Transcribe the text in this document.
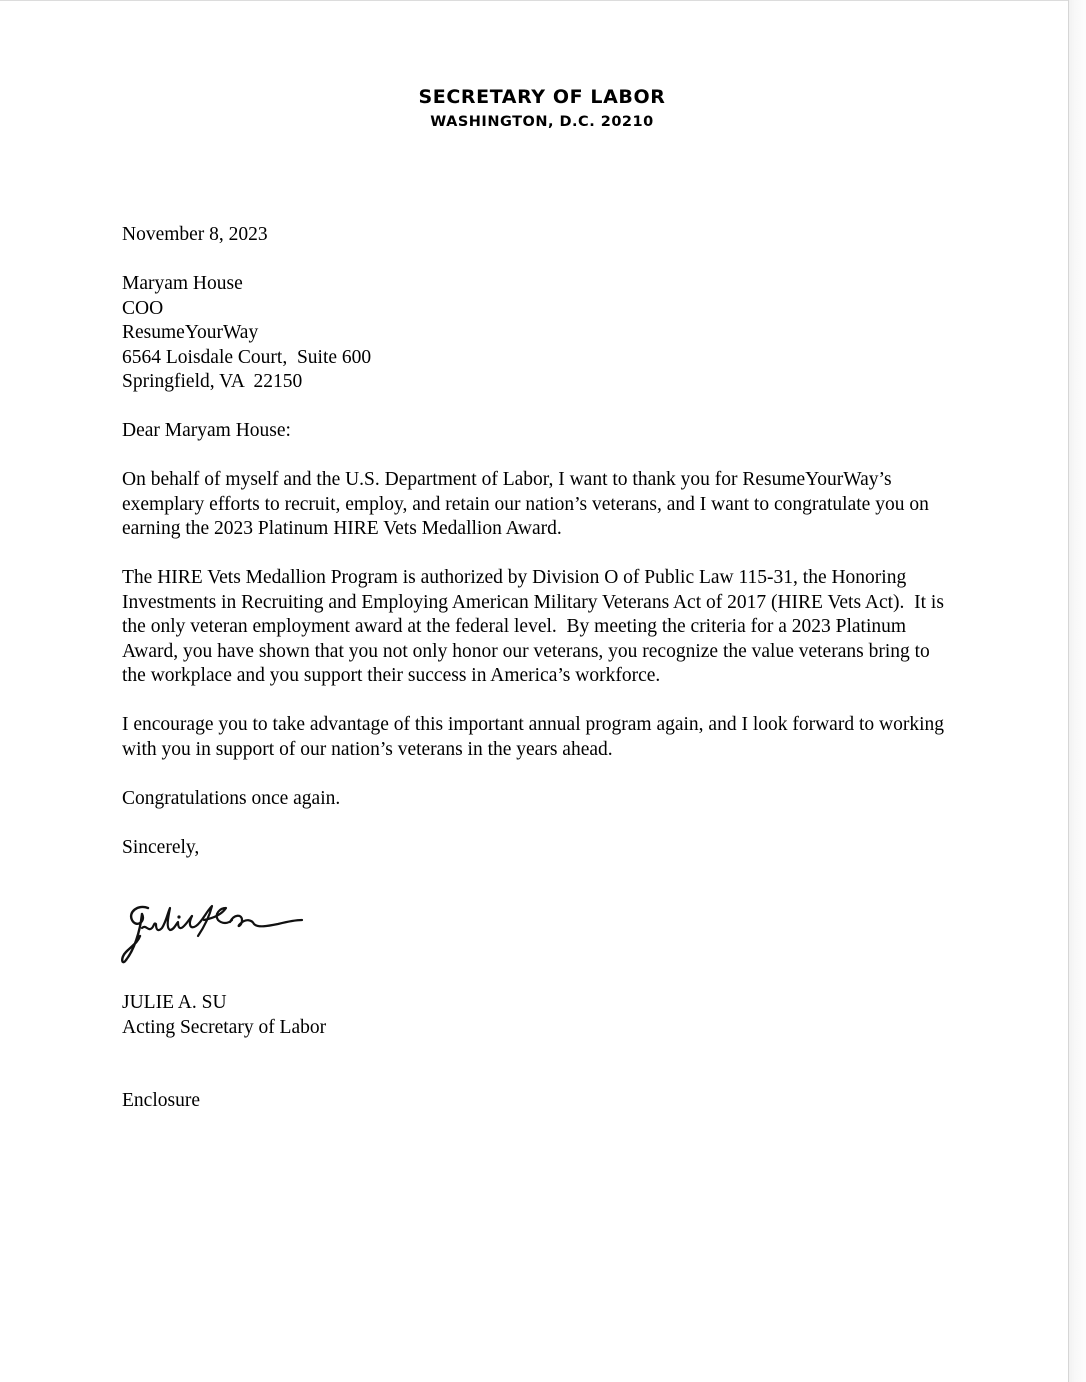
SECRETARY OF LABOR
WASHINGTON, D.C. 20210

November 8, 2023

Maryam House
COO
ResumeYourWay
6564 Loisdale Court,  Suite 600
Springfield, VA  22150

Dear Maryam House:

On behalf of myself and the U.S. Department of Labor, I want to thank you for ResumeYourWay’s exemplary efforts to recruit, employ, and retain our nation’s veterans, and I want to congratulate you on earning the 2023 Platinum HIRE Vets Medallion Award.

The HIRE Vets Medallion Program is authorized by Division O of Public Law 115-31, the Honoring Investments in Recruiting and Employing American Military Veterans Act of 2017 (HIRE Vets Act).  It is the only veteran employment award at the federal level.  By meeting the criteria for a 2023 Platinum Award, you have shown that you not only honor our veterans, you recognize the value veterans bring to the workplace and you support their success in America’s workforce.

I encourage you to take advantage of this important annual program again, and I look forward to working with you in support of our nation’s veterans in the years ahead.

Congratulations once again.

Sincerely,

JULIE A. SU
Acting Secretary of Labor
Enclosure
